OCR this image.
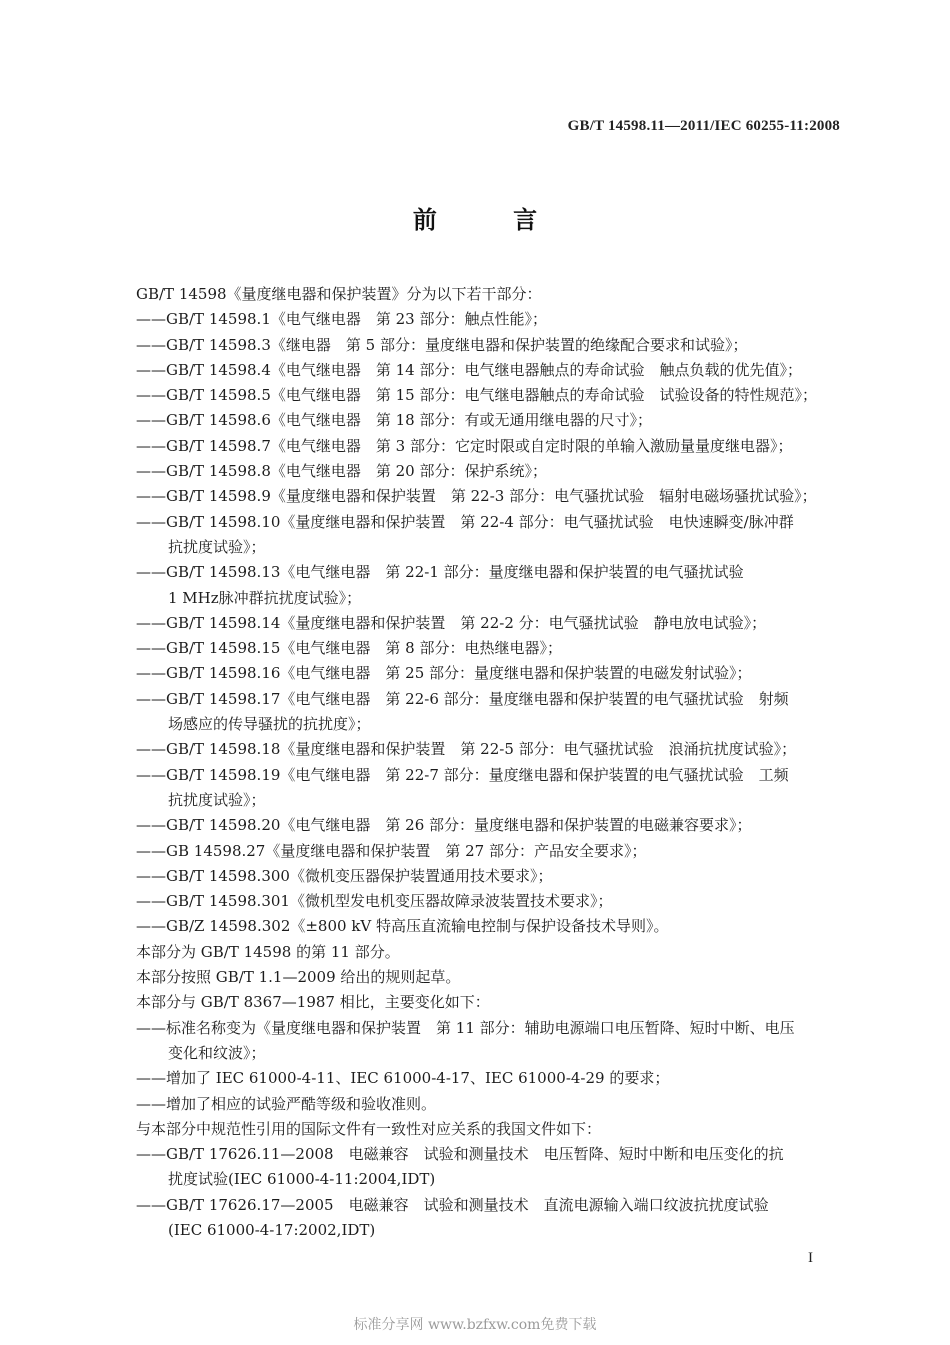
GB/T 14598.11—2011/IEC 60255-11:2008
前 言
GB/T 14598《量度继电器和保护装置》分为以下若干部分：
——GB/T 14598.1《电气继电器　第 23 部分：触点性能》；
——GB/T 14598.3《继电器　第 5 部分：量度继电器和保护装置的绝缘配合要求和试验》；
——GB/T 14598.4《电气继电器　第 14 部分：电气继电器触点的寿命试验　触点负载的优先值》；
——GB/T 14598.5《电气继电器　第 15 部分：电气继电器触点的寿命试验　试验设备的特性规范》；
——GB/T 14598.6《电气继电器　第 18 部分：有或无通用继电器的尺寸》；
——GB/T 14598.7《电气继电器　第 3 部分：它定时限或自定时限的单输入激励量量度继电器》；
——GB/T 14598.8《电气继电器　第 20 部分：保护系统》；
——GB/T 14598.9《量度继电器和保护装置　第 22-3 部分：电气骚扰试验　辐射电磁场骚扰试验》；
——GB/T 14598.10《量度继电器和保护装置　第 22-4 部分：电气骚扰试验　电快速瞬变/脉冲群
抗扰度试验》；
——GB/T 14598.13《电气继电器　第 22-1 部分：量度继电器和保护装置的电气骚扰试验
1 MHz脉冲群抗扰度试验》；
——GB/T 14598.14《量度继电器和保护装置　第 22-2 分：电气骚扰试验　静电放电试验》；
——GB/T 14598.15《电气继电器　第 8 部分：电热继电器》；
——GB/T 14598.16《电气继电器　第 25 部分：量度继电器和保护装置的电磁发射试验》；
——GB/T 14598.17《电气继电器　第 22-6 部分：量度继电器和保护装置的电气骚扰试验　射频
场感应的传导骚扰的抗扰度》；
——GB/T 14598.18《量度继电器和保护装置　第 22-5 部分：电气骚扰试验　浪涌抗扰度试验》；
——GB/T 14598.19《电气继电器　第 22-7 部分：量度继电器和保护装置的电气骚扰试验　工频
抗扰度试验》；
——GB/T 14598.20《电气继电器　第 26 部分：量度继电器和保护装置的电磁兼容要求》；
——GB 14598.27《量度继电器和保护装置　第 27 部分：产品安全要求》；
——GB/T 14598.300《微机变压器保护装置通用技术要求》；
——GB/T 14598.301《微机型发电机变压器故障录波装置技术要求》；
——GB/Z 14598.302《±800 kV 特高压直流输电控制与保护设备技术导则》。
本部分为 GB/T 14598 的第 11 部分。
本部分按照 GB/T 1.1—2009 给出的规则起草。
本部分与 GB/T 8367—1987 相比，主要变化如下：
——标准名称变为《量度继电器和保护装置　第 11 部分：辅助电源端口电压暂降、短时中断、电压
变化和纹波》；
——增加了 IEC 61000-4-11、IEC 61000-4-17、IEC 61000-4-29 的要求；
——增加了相应的试验严酷等级和验收准则。
与本部分中规范性引用的国际文件有一致性对应关系的我国文件如下：
——GB/T 17626.11—2008　电磁兼容　试验和测量技术　电压暂降、短时中断和电压变化的抗
扰度试验(IEC 61000-4-11:2004,IDT)
——GB/T 17626.17—2005　电磁兼容　试验和测量技术　直流电源输入端口纹波抗扰度试验
(IEC 61000-4-17:2002,IDT)
I
标准分享网 www.bzfxw.com免费下载
